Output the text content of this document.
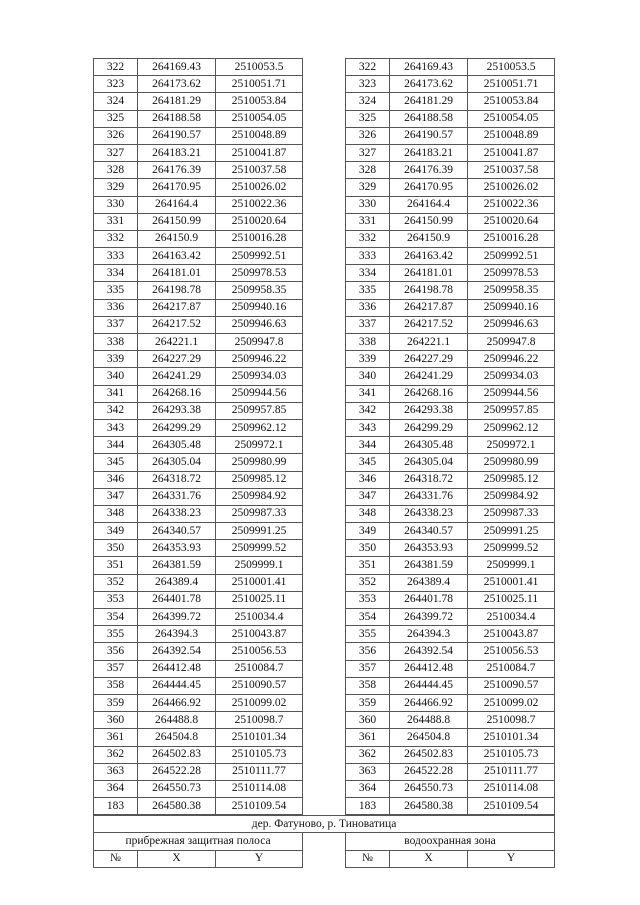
322	264169.43	2510053.5		322	264169.43	2510053.5
323	264173.62	2510051.71		323	264173.62	2510051.71
324	264181.29	2510053.84		324	264181.29	2510053.84
325	264188.58	2510054.05		325	264188.58	2510054.05
326	264190.57	2510048.89		326	264190.57	2510048.89
327	264183.21	2510041.87		327	264183.21	2510041.87
328	264176.39	2510037.58		328	264176.39	2510037.58
329	264170.95	2510026.02		329	264170.95	2510026.02
330	264164.4	2510022.36		330	264164.4	2510022.36
331	264150.99	2510020.64		331	264150.99	2510020.64
332	264150.9	2510016.28		332	264150.9	2510016.28
333	264163.42	2509992.51		333	264163.42	2509992.51
334	264181.01	2509978.53		334	264181.01	2509978.53
335	264198.78	2509958.35		335	264198.78	2509958.35
336	264217.87	2509940.16		336	264217.87	2509940.16
337	264217.52	2509946.63		337	264217.52	2509946.63
338	264221.1	2509947.8		338	264221.1	2509947.8
339	264227.29	2509946.22		339	264227.29	2509946.22
340	264241.29	2509934.03		340	264241.29	2509934.03
341	264268.16	2509944.56		341	264268.16	2509944.56
342	264293.38	2509957.85		342	264293.38	2509957.85
343	264299.29	2509962.12		343	264299.29	2509962.12
344	264305.48	2509972.1		344	264305.48	2509972.1
345	264305.04	2509980.99		345	264305.04	2509980.99
346	264318.72	2509985.12		346	264318.72	2509985.12
347	264331.76	2509984.92		347	264331.76	2509984.92
348	264338.23	2509987.33		348	264338.23	2509987.33
349	264340.57	2509991.25		349	264340.57	2509991.25
350	264353.93	2509999.52		350	264353.93	2509999.52
351	264381.59	2509999.1		351	264381.59	2509999.1
352	264389.4	2510001.41		352	264389.4	2510001.41
353	264401.78	2510025.11		353	264401.78	2510025.11
354	264399.72	2510034.4		354	264399.72	2510034.4
355	264394.3	2510043.87		355	264394.3	2510043.87
356	264392.54	2510056.53		356	264392.54	2510056.53
357	264412.48	2510084.7		357	264412.48	2510084.7
358	264444.45	2510090.57		358	264444.45	2510090.57
359	264466.92	2510099.02		359	264466.92	2510099.02
360	264488.8	2510098.7		360	264488.8	2510098.7
361	264504.8	2510101.34		361	264504.8	2510101.34
362	264502.83	2510105.73		362	264502.83	2510105.73
363	264522.28	2510111.77		363	264522.28	2510111.77
364	264550.73	2510114.08		364	264550.73	2510114.08
183	264580.38	2510109.54		183	264580.38	2510109.54
дер. Фатуново, р. Тиноватица						
прибрежная защитная полоса				водоохранная зона		
№	X	Y		№	X	Y
